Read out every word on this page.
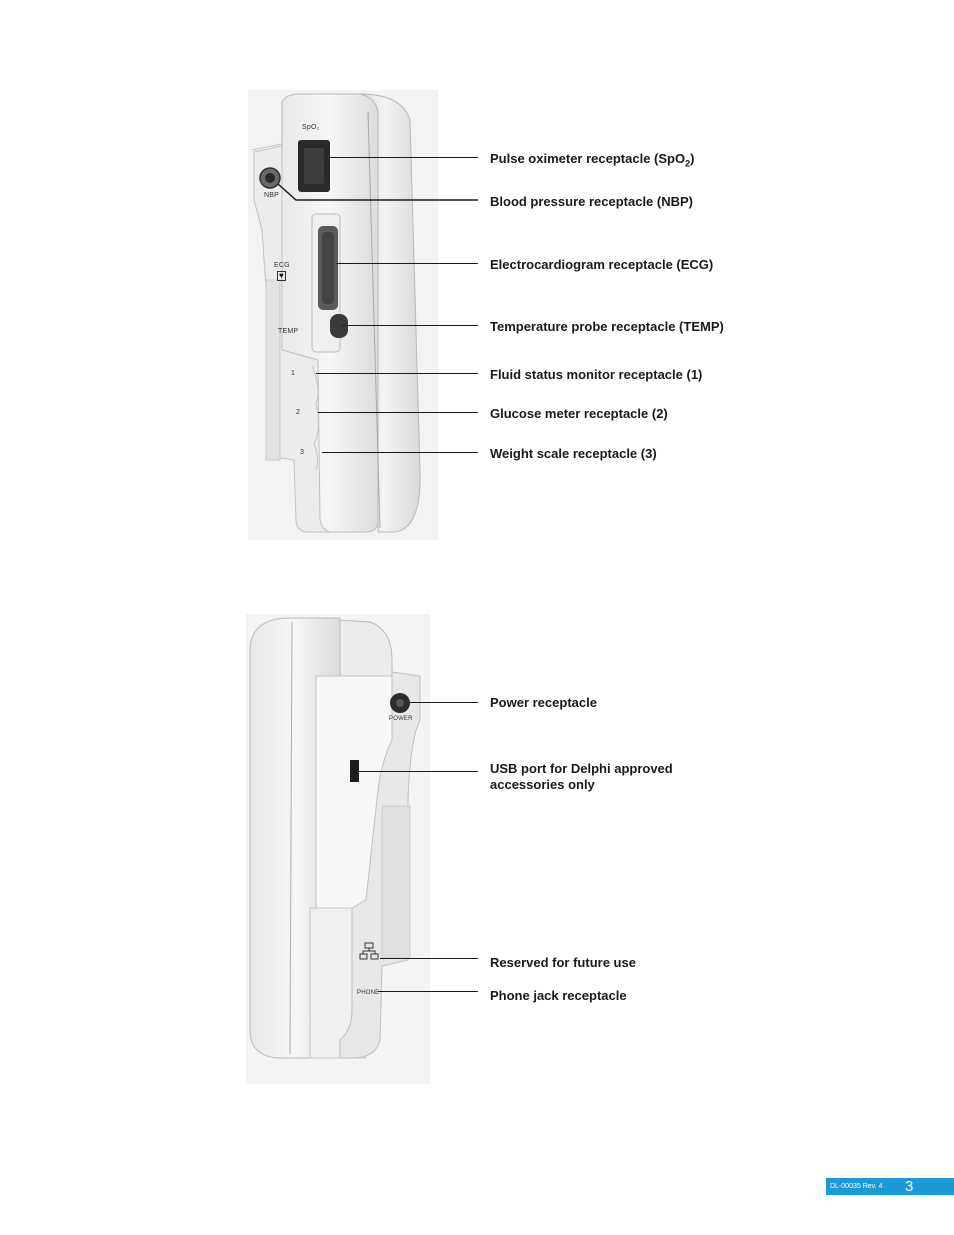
SpO₂
NBP
ECG
♥
TEMP
1
2
3
POWER
PHONE
Pulse oximeter receptacle (SpO$_2$)
Blood pressure receptacle (NBP)
Electrocardiogram receptacle (ECG)
Temperature probe receptacle (TEMP)
Fluid status monitor receptacle (1)
Glucose meter receptacle (2)
Weight scale receptacle (3)
Power receptacle
USB port for Delphi approved accessories only
Reserved for future use
Phone jack receptacle
DL-00035 Rev. 4 3
